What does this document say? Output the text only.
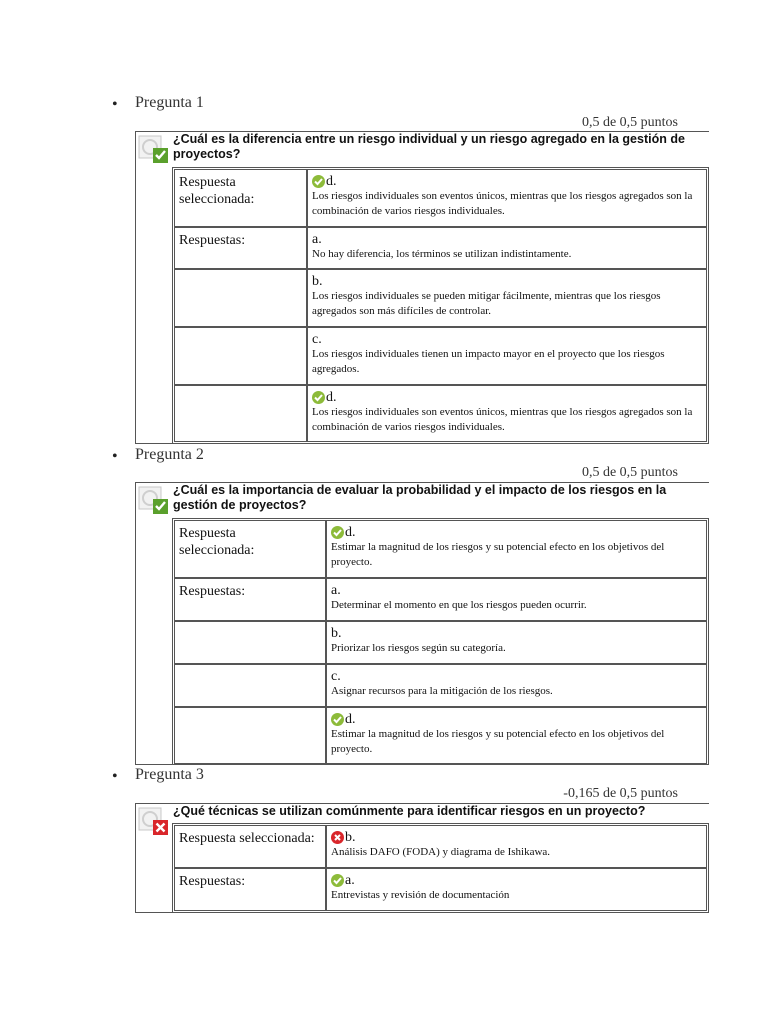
• Pregunta 1
0,5 de 0,5 puntos
¿Cuál es la diferencia entre un riesgo individual y un riesgo agregado en la gestión de proyectos?
Respuesta seleccionada:	d.
Los riesgos individuales son eventos únicos, mientras que los riesgos agregados son la combinación de varios riesgos individuales.

Respuestas:	a.
No hay diferencia, los términos se utilizan indistintamente.

b.
Los riesgos individuales se pueden mitigar fácilmente, mientras que los riesgos agregados son más difíciles de controlar.

c.
Los riesgos individuales tienen un impacto mayor en el proyecto que los riesgos agregados.

	d.
Los riesgos individuales son eventos únicos, mientras que los riesgos agregados son la combinación de varios riesgos individuales.
• Pregunta 2
0,5 de 0,5 puntos
¿Cuál es la importancia de evaluar la probabilidad y el impacto de los riesgos en la gestión de proyectos?
Respuesta seleccionada:	d.
Estimar la magnitud de los riesgos y su potencial efecto en los objetivos del proyecto.

Respuestas:	a.
Determinar el momento en que los riesgos pueden ocurrir.

b.
Priorizar los riesgos según su categoría.

c.
Asignar recursos para la mitigación de los riesgos.

	d.
Estimar la magnitud de los riesgos y su potencial efecto en los objetivos del proyecto.
• Pregunta 3
-0,165 de 0,5 puntos
¿Qué técnicas se utilizan comúnmente para identificar riesgos en un proyecto?
Respuesta seleccionada:	b.
Análisis DAFO (FODA) y diagrama de Ishikawa.

Respuestas:	a.
Entrevistas y revisión de documentación
